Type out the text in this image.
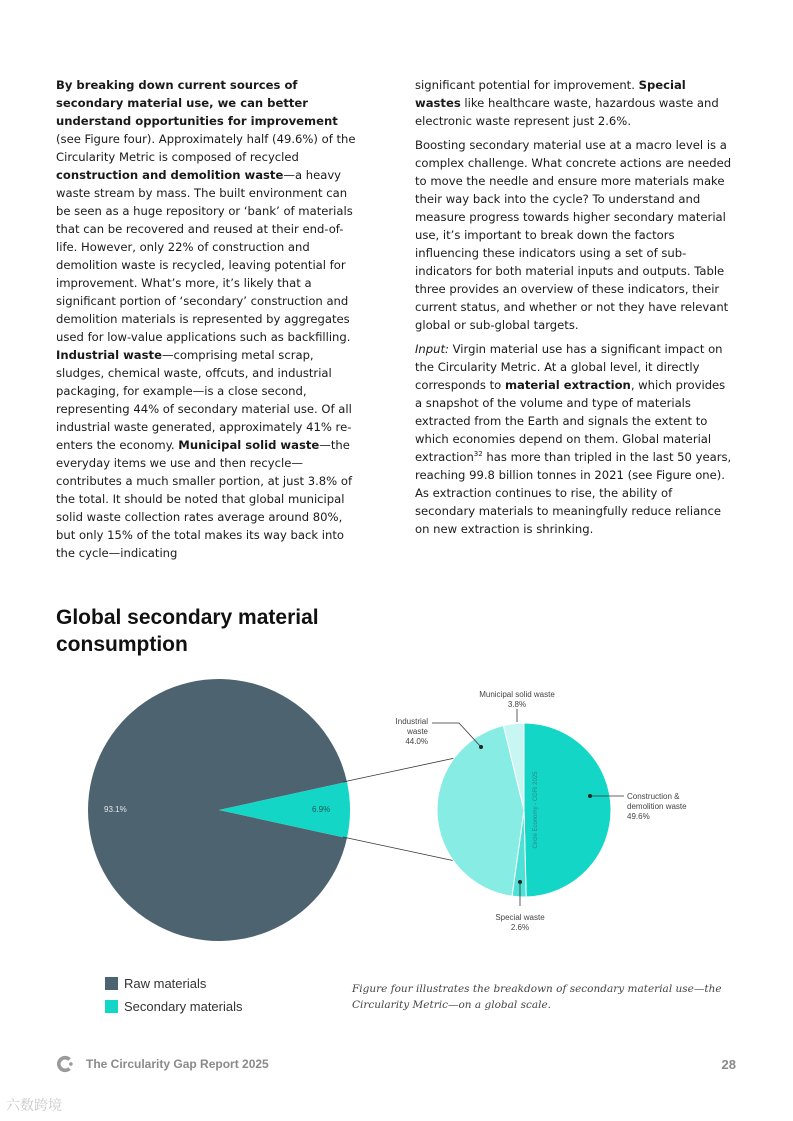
By breaking down current sources of secondary material use, we can better understand opportunities for improvement (see Figure four). Approximately half (49.6%) of the Circularity Metric is composed of recycled construction and demolition waste—a heavy waste stream by mass. The built environment can be seen as a huge repository or ‘bank’ of materials that can be recovered and reused at their end-of-life. However, only 22% of construction and demolition waste is recycled, leaving potential for improvement. What’s more, it’s likely that a significant portion of ‘secondary’ construction and demolition materials is represented by aggregates used for low-value applications such as backfilling. Industrial waste—comprising metal scrap, sludges, chemical waste, offcuts, and industrial packaging, for example—is a close second, representing 44% of secondary material use. Of all industrial waste generated, approximately 41% re-enters the economy. Municipal solid waste—the everyday items we use and then recycle—contributes a much smaller portion, at just 3.8% of the total. It should be noted that global municipal solid waste collection rates average around 80%, but only 15% of the total makes its way back into the cycle—indicating

significant potential for improvement. Special wastes like healthcare waste, hazardous waste and electronic waste represent just 2.6%.

Boosting secondary material use at a macro level is a complex challenge. What concrete actions are needed to move the needle and ensure more materials make their way back into the cycle? To understand and measure progress towards higher secondary material use, it’s important to break down the factors influencing these indicators using a set of sub-indicators for both material inputs and outputs. Table three provides an overview of these indicators, their current status, and whether or not they have relevant global or sub-global targets.

Input: Virgin material use has a significant impact on the Circularity Metric. At a global level, it directly corresponds to material extraction, which provides a snapshot of the volume and type of materials extracted from the Earth and signals the extent to which economies depend on them. Global material extraction$^{32}$ has more than tripled in the last 50 years, reaching 99.8 billion tonnes in 2021 (see Figure one). As extraction continues to rise, the ability of secondary materials to meaningfully reduce reliance on new extraction is shrinking.

Global secondary material consumption
Circle Economy - CGRi 2025
93.1%	6.9%
Construction & demolition waste 49.6%
Special waste 2.6%
Industrial waste 44.0%
Municipal solid waste 3.8%
Raw materials
Secondary materials
Figure four illustrates the breakdown of secondary material use—the Circularity Metric—on a global scale.
The Circularity Gap Report 2025	28
六数跨境
